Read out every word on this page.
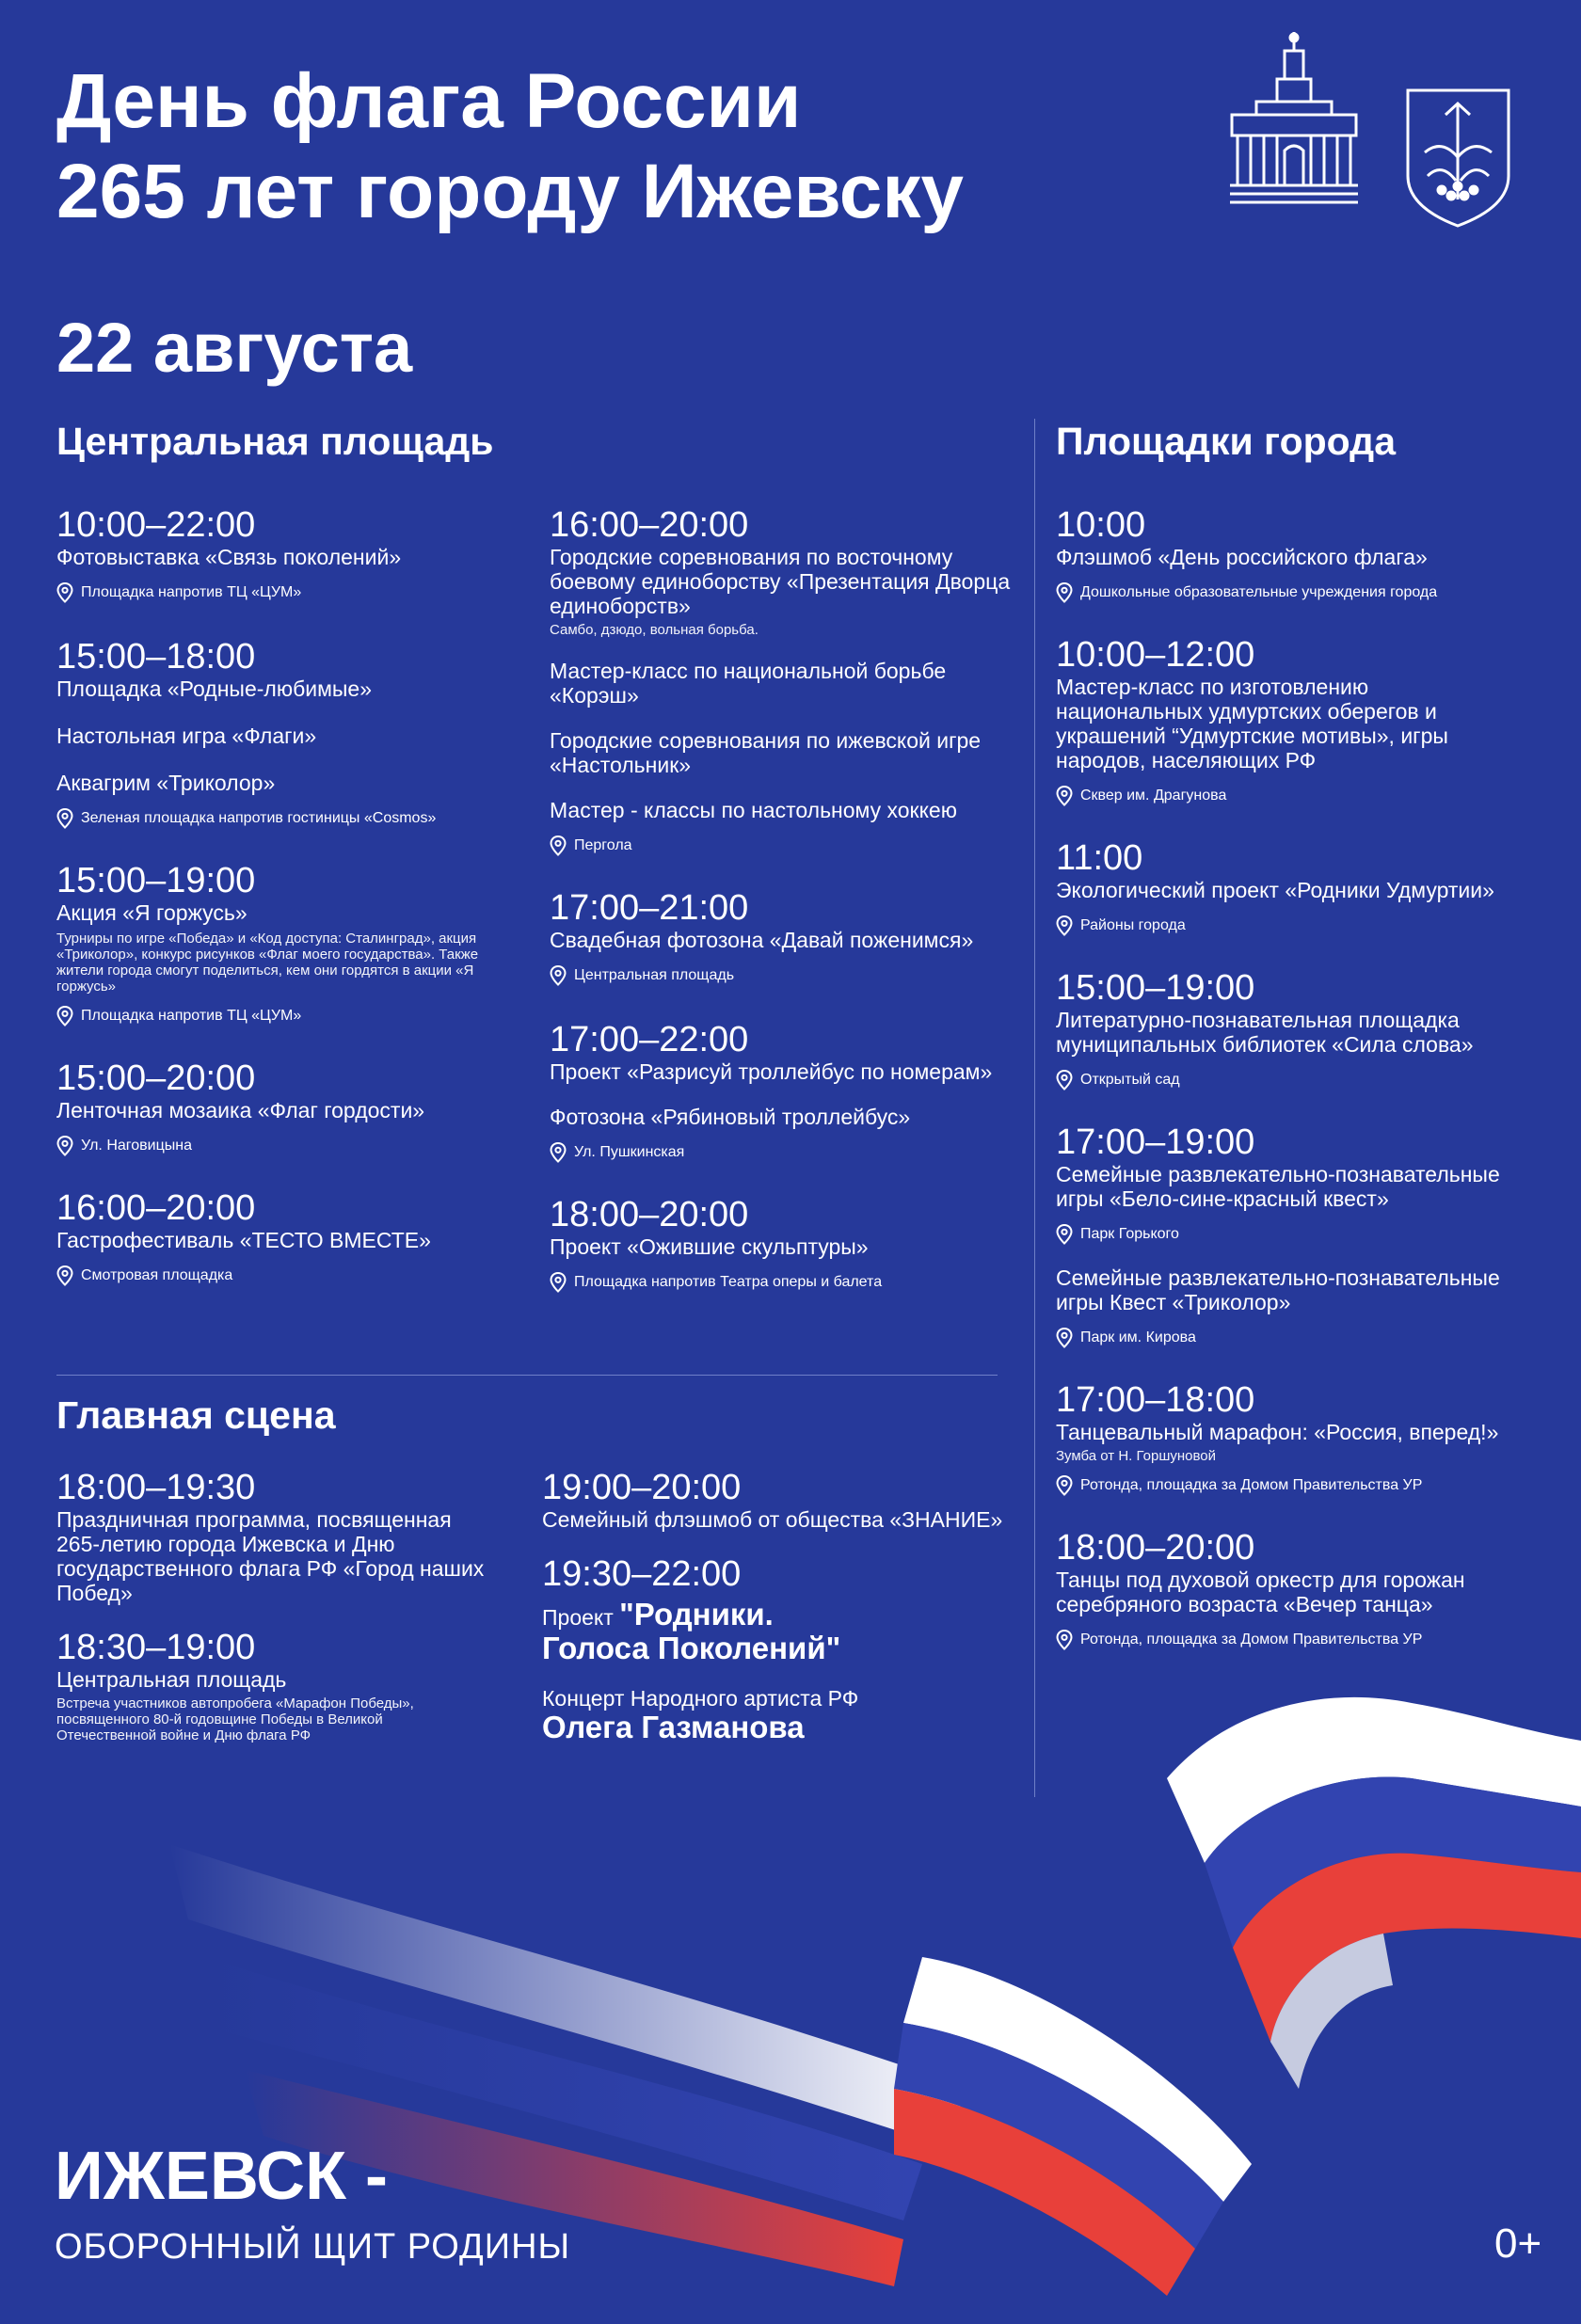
День флага России
265 лет городу Ижевску
22 августа
Центральная площадь
10:00–22:00
Фотовыставка «Связь поколений»
Площадка напротив ТЦ «ЦУМ»
15:00–18:00
Площадка «Родные-любимые»
Настольная игра «Флаги»
Аквагрим «Триколор»
Зеленая площадка напротив гостиницы «Cosmos»
15:00–19:00
Акция «Я горжусь»
Турниры по игре «Победа» и «Код доступа: Сталинград», акция «Триколор», конкурс рисунков «Флаг моего государства». Также жители города смогут поделиться, кем они гордятся в акции «Я горжусь»
Площадка напротив ТЦ «ЦУМ»
15:00–20:00
Ленточная мозаика «Флаг гордости»
Ул. Наговицына
16:00–20:00
Гастрофестиваль «ТЕСТО ВМЕСТЕ»
Смотровая площадка
16:00–20:00
Городские соревнования по восточному боевому единоборству «Презентация Дворца единоборств»
Самбо, дзюдо, вольная борьба.
Мастер-класс по национальной борьбе «Корэш»
Городские соревнования по ижевской игре «Настольник»
Мастер - классы по настольному хоккею
Пергола
17:00–21:00
Свадебная фотозона «Давай поженимся»
Центральная площадь
17:00–22:00
Проект «Разрисуй троллейбус по номерам»
Фотозона «Рябиновый троллейбус»
Ул. Пушкинская
18:00–20:00
Проект «Ожившие скульптуры»
Площадка напротив Театра оперы и балета
Главная сцена
18:00–19:30
Праздничная программа, посвященная 265-летию города Ижевска и Дню государственного флага РФ «Город наших Побед»
18:30–19:00
Центральная площадь
Встреча участников автопробега «Марафон Победы», посвященного 80-й годовщине Победы в Великой Отечественной войне и Дню флага РФ
19:00–20:00
Семейный флэшмоб от общества «ЗНАНИЕ»
19:30–22:00
Проект "Родники.
Голоса Поколений"
Концерт Народного артиста РФ
Олега Газманова
Площадки города
10:00
Флэшмоб «День российского флага»
Дошкольные образовательные учреждения города
10:00–12:00
Мастер-класс по изготовлению национальных удмуртских оберегов и украшений “Удмуртские мотивы», игры народов, населяющих РФ
Сквер им. Драгунова
11:00
Экологический проект «Родники Удмуртии»
Районы города
15:00–19:00
Литературно-познавательная площадка муниципальных библиотек «Сила слова»
Открытый сад
17:00–19:00
Семейные развлекательно-познавательные игры «Бело-сине-красный квест»
Парк Горького
Семейные развлекательно-познавательные игры Квест «Триколор»
Парк им. Кирова
17:00–18:00
Танцевальный марафон: «Россия, вперед!»
Зумба от Н. Горшуновой
Ротонда, площадка за Домом Правительства УР
18:00–20:00
Танцы под духовой оркестр для горожан серебряного возраста «Вечер танца»
Ротонда, площадка за Домом Правительства УР
ИЖЕВСК -
ОБОРОННЫЙ ЩИТ РОДИНЫ	0+
